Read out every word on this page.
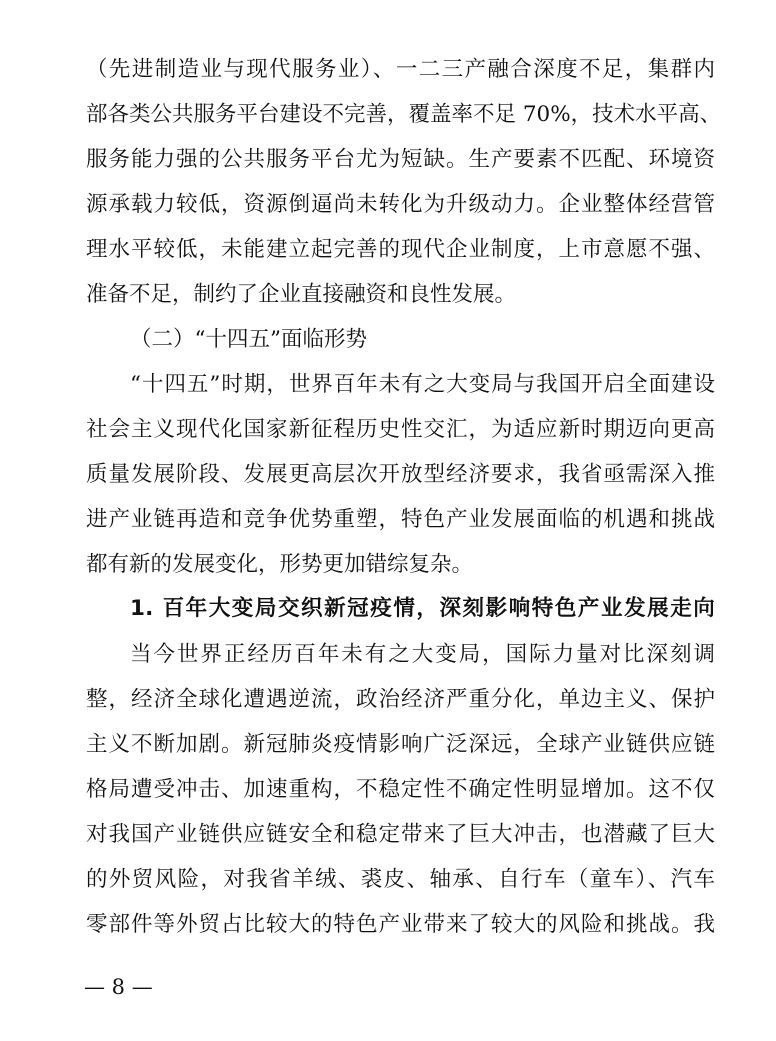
（先进制造业与现代服务业）、一二三产融合深度不足，集群内
部各类公共服务平台建设不完善，覆盖率不足 70%，技术水平高、
服务能力强的公共服务平台尤为短缺。生产要素不匹配、环境资
源承载力较低，资源倒逼尚未转化为升级动力。企业整体经营管
理水平较低，未能建立起完善的现代企业制度，上市意愿不强、
准备不足，制约了企业直接融资和良性发展。
（二）“十四五”面临形势
“十四五”时期，世界百年未有之大变局与我国开启全面建设
社会主义现代化国家新征程历史性交汇，为适应新时期迈向更高
质量发展阶段、发展更高层次开放型经济要求，我省亟需深入推
进产业链再造和竞争优势重塑，特色产业发展面临的机遇和挑战
都有新的发展变化，形势更加错综复杂。
1. 百年大变局交织新冠疫情，深刻影响特色产业发展走向
当今世界正经历百年未有之大变局，国际力量对比深刻调
整，经济全球化遭遇逆流，政治经济严重分化，单边主义、保护
主义不断加剧。新冠肺炎疫情影响广泛深远，全球产业链供应链
格局遭受冲击、加速重构，不稳定性不确定性明显增加。这不仅
对我国产业链供应链安全和稳定带来了巨大冲击，也潜藏了巨大
的外贸风险，对我省羊绒、裘皮、轴承、自行车（童车）、汽车
零部件等外贸占比较大的特色产业带来了较大的风险和挑战。我
— 8 —
